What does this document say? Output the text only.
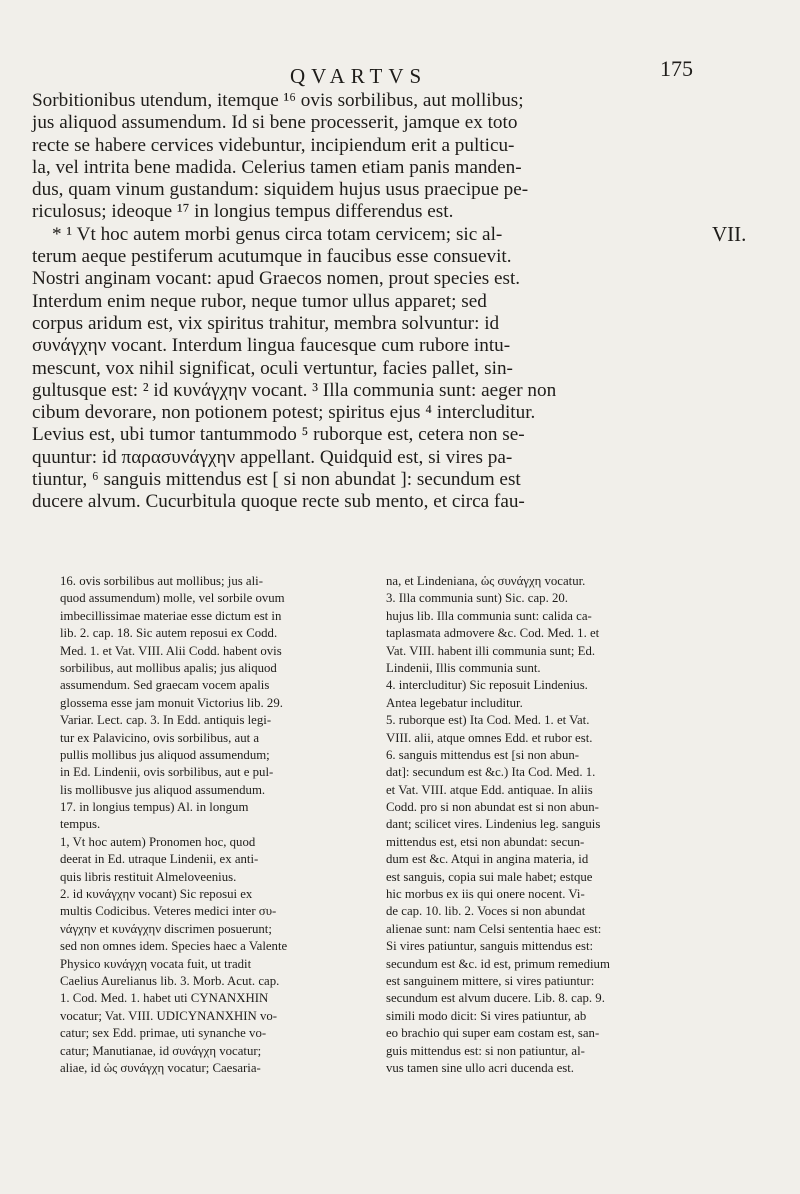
QVARTVS	175
VII.
Sorbitionibus utendum, itemque ¹⁶ ovis sorbilibus, aut mollibus;
jus aliquod assumendum. Id si bene processerit, jamque ex toto
recte se habere cervices videbuntur, incipiendum erit a pulticu-
la, vel intrita bene madida. Celerius tamen etiam panis manden-
dus, quam vinum gustandum: siquidem hujus usus praecipue pe-
riculosus; ideoque ¹⁷ in longius tempus differendus est.
* ¹ Vt hoc autem morbi genus circa totam cervicem; sic al-
terum aeque pestiferum acutumque in faucibus esse consuevit.
Nostri anginam vocant: apud Graecos nomen, prout species est.
Interdum enim neque rubor, neque tumor ullus apparet; sed
corpus aridum est, vix spiritus trahitur, membra solvuntur: id
συνάγχην vocant. Interdum lingua faucesque cum rubore intu-
mescunt, vox nihil significat, oculi vertuntur, facies pallet, sin-
gultusque est: ² id κυνάγχην vocant. ³ Illa communia sunt: aeger non
cibum devorare, non potionem potest; spiritus ejus ⁴ intercluditur.
Levius est, ubi tumor tantummodo ⁵ ruborque est, cetera non se-
quuntur: id παρασυνάγχην appellant. Quidquid est, si vires pa-
tiuntur, ⁶ sanguis mittendus est [ si non abundat ]: secundum est
ducere alvum. Cucurbitula quoque recte sub mento, et circa fau-
16. ovis sorbilibus aut mollibus; jus ali-
quod assumendum) molle, vel sorbile ovum
imbecillissimae materiae esse dictum est in
lib. 2. cap. 18. Sic autem reposui ex Codd.
Med. 1. et Vat. VIII. Alii Codd. habent ovis
sorbilibus, aut mollibus apalis; jus aliquod
assumendum. Sed graecam vocem apalis
glossema esse jam monuit Victorius lib. 29.
Variar. Lect. cap. 3. In Edd. antiquis legi-
tur ex Palavicino, ovis sorbilibus, aut a
pullis mollibus jus aliquod assumendum;
in Ed. Lindenii, ovis sorbilibus, aut e pul-
lis mollibusve jus aliquod assumendum.
17. in longius tempus) Al. in longum
tempus.
1, Vt hoc autem) Pronomen hoc, quod
deerat in Ed. utraque Lindenii, ex anti-
quis libris restituit Almeloveenius.
2. id κυνάγχην vocant) Sic reposui ex
multis Codicibus. Veteres medici inter συ-
νάγχην et κυνάγχην discrimen posuerunt;
sed non omnes idem. Species haec a Valente
Physico κυνάγχη vocata fuit, ut tradit
Caelius Aurelianus lib. 3. Morb. Acut. cap.
1. Cod. Med. 1. habet uti CYNANXHIN
vocatur; Vat. VIII. UDICYNANXHIN vo-
catur; sex Edd. primae, uti synanche vo-
catur; Manutianae, id συνάγχη vocatur;
aliae, id ὡς συνάγχη vocatur; Caesaria-
na, et Lindeniana, ὡς συνάγχη vocatur.
3. Illa communia sunt) Sic. cap. 20.
hujus lib. Illa communia sunt: calida ca-
taplasmata admovere &c. Cod. Med. 1. et
Vat. VIII. habent illi communia sunt; Ed.
Lindenii, Illis communia sunt.
4. intercluditur) Sic reposuit Lindenius.
Antea legebatur includitur.
5. ruborque est) Ita Cod. Med. 1. et Vat.
VIII. alii, atque omnes Edd. et rubor est.
6. sanguis mittendus est [si non abun-
dat]: secundum est &c.) Ita Cod. Med. 1.
et Vat. VIII. atque Edd. antiquae. In aliis
Codd. pro si non abundat est si non abun-
dant; scilicet vires. Lindenius leg. sanguis
mittendus est, etsi non abundat: secun-
dum est &c. Atqui in angina materia, id
est sanguis, copia sui male habet; estque
hic morbus ex iis qui onere nocent. Vi-
de cap. 10. lib. 2. Voces si non abundat
alienae sunt: nam Celsi sententia haec est:
Si vires patiuntur, sanguis mittendus est:
secundum est &c. id est, primum remedium
est sanguinem mittere, si vires patiuntur:
secundum est alvum ducere. Lib. 8. cap. 9.
simili modo dicit: Si vires patiuntur, ab
eo brachio qui super eam costam est, san-
guis mittendus est: si non patiuntur, al-
vus tamen sine ullo acri ducenda est.
